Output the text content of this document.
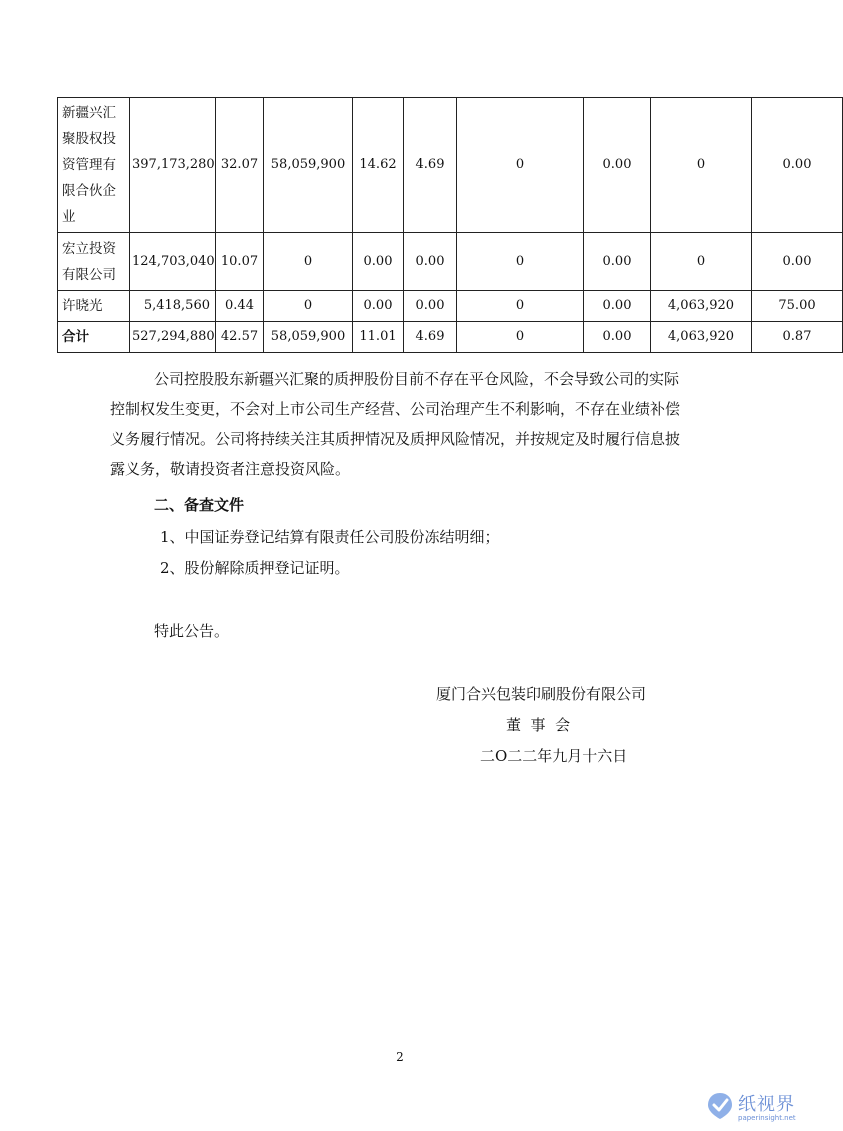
新疆兴汇聚股权投资管理有限合伙企业	397,173,280	32.07	58,059,900	14.62	4.69	0	0.00	0	0.00
宏立投资有限公司	124,703,040	10.07	0	0.00	0.00	0	0.00	0	0.00
许晓光	5,418,560	0.44	0	0.00	0.00	0	0.00	4,063,920	75.00
合计	527,294,880	42.57	58,059,900	11.01	4.69	0	0.00	4,063,920	0.87

公司控股股东新疆兴汇聚的质押股份目前不存在平仓风险，不会导致公司的实际控制权发生变更，不会对上市公司生产经营、公司治理产生不利影响，不存在业绩补偿义务履行情况。公司将持续关注其质押情况及质押风险情况，并按规定及时履行信息披露义务，敬请投资者注意投资风险。

二、备查文件
1、中国证券登记结算有限责任公司股份冻结明细；
2、股份解除质押登记证明。
特此公告。
厦门合兴包装印刷股份有限公司
董  事  会
二O二二年九月十六日
2
纸视界
paperinsight.net
